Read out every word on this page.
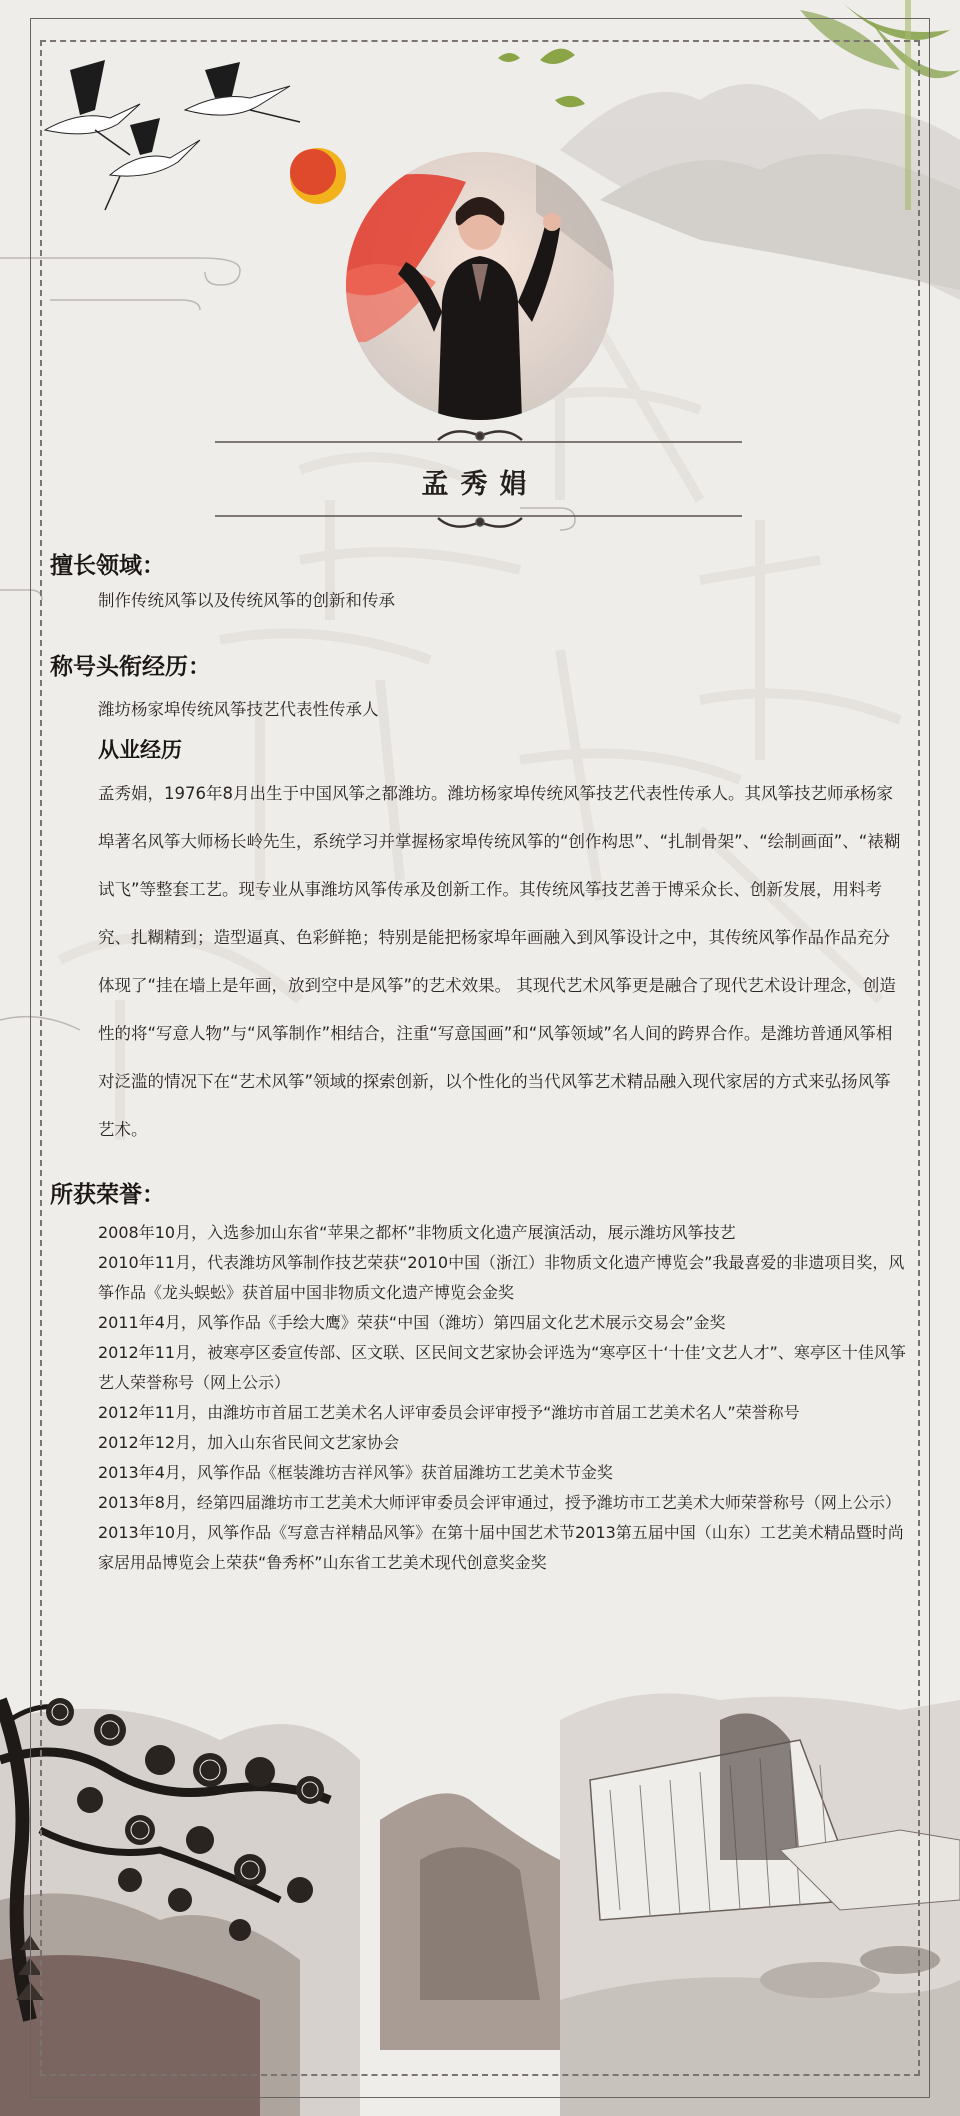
孟秀娟
擅长领域：
制作传统风筝以及传统风筝的创新和传承
称号头衔经历：
潍坊杨家埠传统风筝技艺代表性传承人
从业经历
孟秀娟，1976年8月出生于中国风筝之都潍坊。潍坊杨家埠传统风筝技艺代表性传承人。其风筝技艺师承杨家埠著名风筝大师杨长岭先生，系统学习并掌握杨家埠传统风筝的“创作构思”、“扎制骨架”、“绘制画面”、“裱糊试飞”等整套工艺。现专业从事潍坊风筝传承及创新工作。其传统风筝技艺善于博采众长、创新发展，用料考究、扎糊精到；造型逼真、色彩鲜艳；特别是能把杨家埠年画融入到风筝设计之中，其传统风筝作品作品充分体现了“挂在墙上是年画，放到空中是风筝”的艺术效果。 其现代艺术风筝更是融合了现代艺术设计理念，创造性的将“写意人物”与“风筝制作”相结合，注重“写意国画”和“风筝领域”名人间的跨界合作。是潍坊普通风筝相对泛滥的情况下在“艺术风筝”领域的探索创新，以个性化的当代风筝艺术精品融入现代家居的方式来弘扬风筝艺术。
所获荣誉：
2008年10月，入选参加山东省“苹果之都杯”非物质文化遗产展演活动，展示潍坊风筝技艺
2010年11月，代表潍坊风筝制作技艺荣获“2010中国（浙江）非物质文化遗产博览会”我最喜爱的非遗项目奖，风筝作品《龙头蜈蚣》获首届中国非物质文化遗产博览会金奖
2011年4月，风筝作品《手绘大鹰》荣获“中国（潍坊）第四届文化艺术展示交易会”金奖
2012年11月，被寒亭区委宣传部、区文联、区民间文艺家协会评选为“寒亭区十‘十佳’文艺人才”、寒亭区十佳风筝艺人荣誉称号（网上公示）
2012年11月，由潍坊市首届工艺美术名人评审委员会评审授予“潍坊市首届工艺美术名人”荣誉称号
2012年12月，加入山东省民间文艺家协会
2013年4月，风筝作品《框装潍坊吉祥风筝》获首届潍坊工艺美术节金奖
2013年8月，经第四届潍坊市工艺美术大师评审委员会评审通过，授予潍坊市工艺美术大师荣誉称号（网上公示）
2013年10月，风筝作品《写意吉祥精品风筝》在第十届中国艺术节2013第五届中国（山东）工艺美术精品暨时尚家居用品博览会上荣获“鲁秀杯”山东省工艺美术现代创意奖金奖
